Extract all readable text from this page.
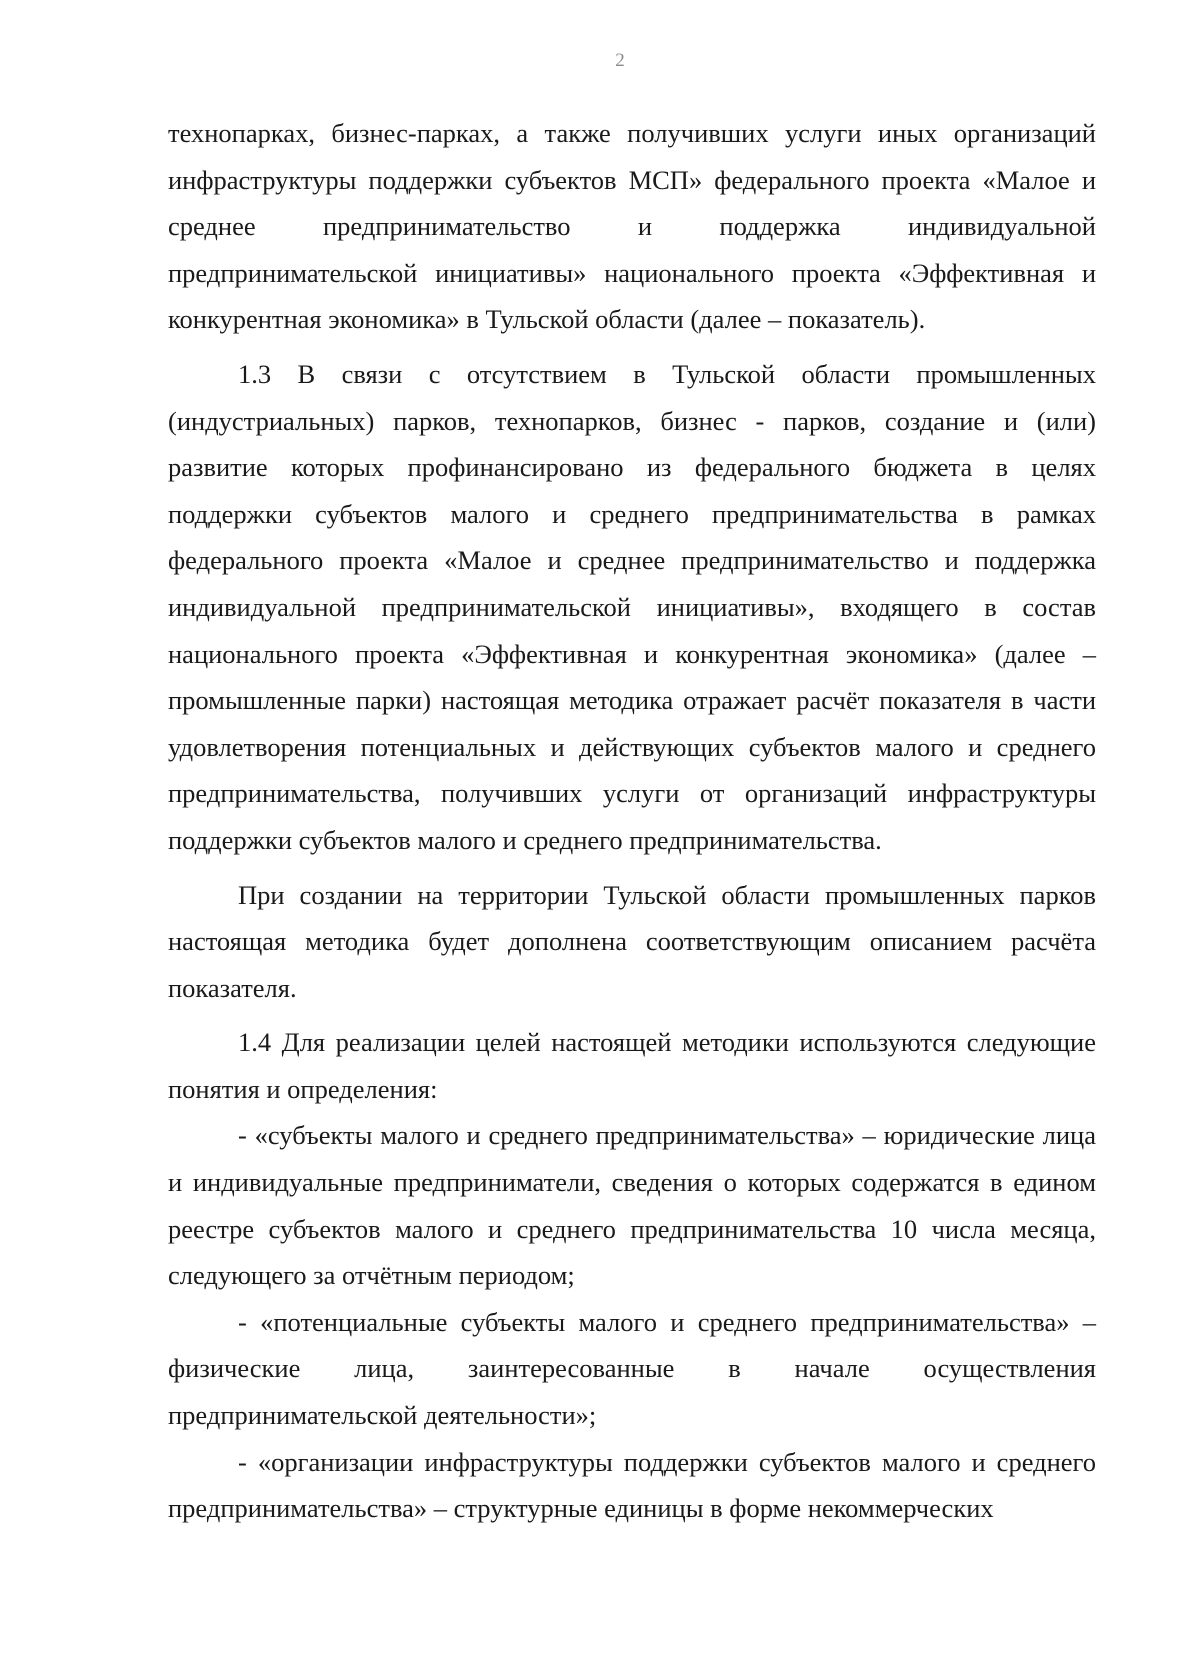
2

технопарках, бизнес-парках, а также получивших услуги иных организаций инфраструктуры поддержки субъектов МСП» федерального проекта «Малое и среднее предпринимательство и поддержка индивидуальной предпринимательской инициативы» национального проекта «Эффективная и конкурентная экономика» в Тульской области (далее – показатель).

1.3 В связи с отсутствием в Тульской области промышленных (индустриальных) парков, технопарков, бизнес - парков, создание и (или) развитие которых профинансировано из федерального бюджета в целях поддержки субъектов малого и среднего предпринимательства в рамках федерального проекта «Малое и среднее предпринимательство и поддержка индивидуальной предпринимательской инициативы», входящего в состав национального проекта «Эффективная и конкурентная экономика» (далее – промышленные парки) настоящая методика отражает расчёт показателя в части удовлетворения потенциальных и действующих субъектов малого и среднего предпринимательства, получивших услуги от организаций инфраструктуры поддержки субъектов малого и среднего предпринимательства.

При создании на территории Тульской области промышленных парков настоящая методика будет дополнена соответствующим описанием расчёта показателя.

1.4 Для реализации целей настоящей методики используются следующие понятия и определения:

- «субъекты малого и среднего предпринимательства» – юридические лица и индивидуальные предприниматели, сведения о которых содержатся в едином реестре субъектов малого и среднего предпринимательства 10 числа месяца, следующего за отчётным периодом;

- «потенциальные субъекты малого и среднего предпринимательства» – физические лица, заинтересованные в начале осуществления предпринимательской деятельности»;

- «организации инфраструктуры поддержки субъектов малого и среднего предпринимательства» – структурные единицы в форме некоммерческих
